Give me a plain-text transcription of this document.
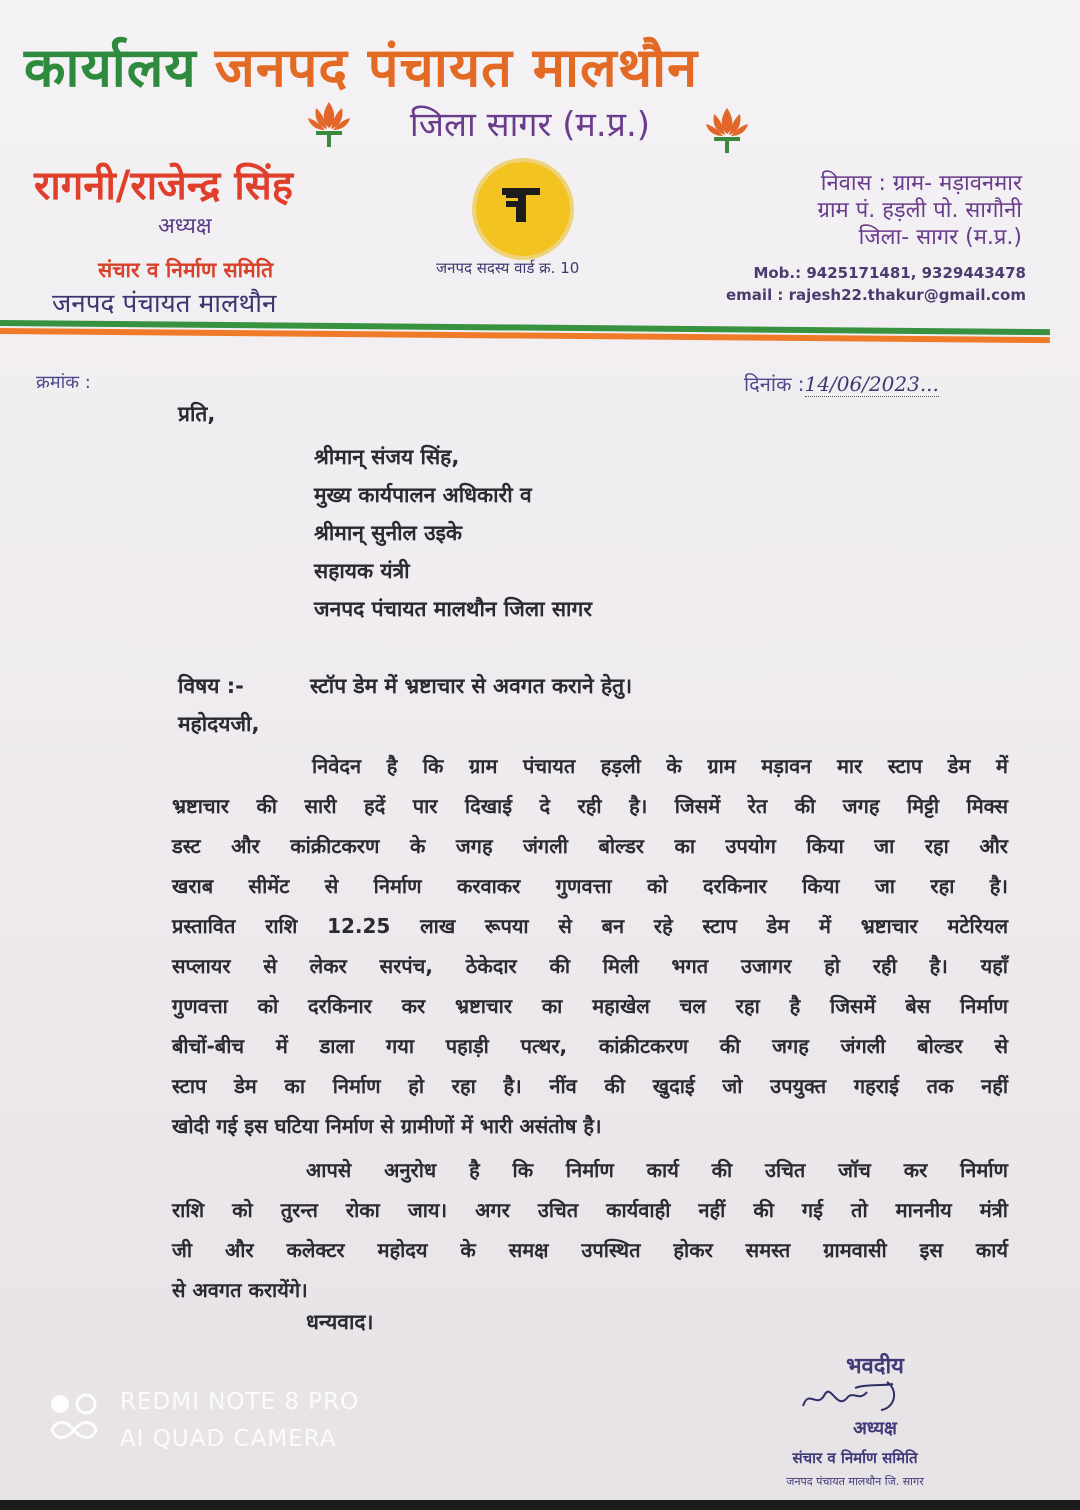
कार्यालय जनपद पंचायत मालथौन
जिला सागर (म.प्र.)
रागनी/राजेन्द्र सिंह
अध्यक्ष
संचार व निर्माण समिति
जनपद पंचायत मालथौन
जनपद सदस्य वार्ड क्र. 10
निवास : ग्राम- मड़ावनमार
ग्राम पं. हड़ली पो. सागौनी
जिला- सागर (म.प्र.)
Mob.: 9425171481, 9329443478
email : rajesh22.thakur@gmail.com
क्रमांक :	दिनांक :14/06/2023...
प्रति,
श्रीमान् संजय सिंह,
मुख्य कार्यपालन अधिकारी व
श्रीमान् सुनील उइके
सहायक यंत्री
जनपद पंचायत मालथौन जिला सागर
विषय :-	स्टॉप डेम में भ्रष्टाचार से अवगत कराने हेतु।
महोदयजी,
निवेदन है कि ग्राम पंचायत हड़ली के ग्राम मड़ावन मार स्टाप डेम में
भ्रष्टाचार की सारी हदें पार दिखाई दे रही है। जिसमें रेत की जगह मिट्टी मिक्स
डस्ट और कांक्रीटकरण के जगह जंगली बोल्डर का उपयोग किया जा रहा और
खराब सीमेंट से निर्माण करवाकर गुणवत्ता को दरकिनार किया जा रहा है।
प्रस्तावित राशि 12.25 लाख रूपया से बन रहे स्टाप डेम में भ्रष्टाचार मटेरियल
सप्लायर से लेकर सरपंच, ठेकेदार की मिली भगत उजागर हो रही है। यहाँ
गुणवत्ता को दरकिनार कर भ्रष्टाचार का महाखेल चल रहा है जिसमें बेस निर्माण
बीचों-बीच में डाला गया पहाड़ी पत्थर, कांक्रीटकरण की जगह जंगली बोल्डर से
स्टाप डेम का निर्माण हो रहा है। नींव की खुदाई जो उपयुक्त गहराई तक नहीं
खोदी गई इस घटिया निर्माण से ग्रामीणों में भारी असंतोष है।
आपसे अनुरोध है कि निर्माण कार्य की उचित जॉच कर निर्माण
राशि को तुरन्त रोका जाय। अगर उचित कार्यवाही नहीं की गई तो माननीय मंत्री
जी और कलेक्टर महोदय के समक्ष उपस्थित होकर समस्त ग्रामवासी इस कार्य
से अवगत करायेंगे।
धन्यवाद।
भवदीय
अध्यक्ष
संचार व निर्माण समिति
जनपद पंचायत मालथौन जि. सागर
REDMI NOTE 8 PRO
AI QUAD CAMERA
